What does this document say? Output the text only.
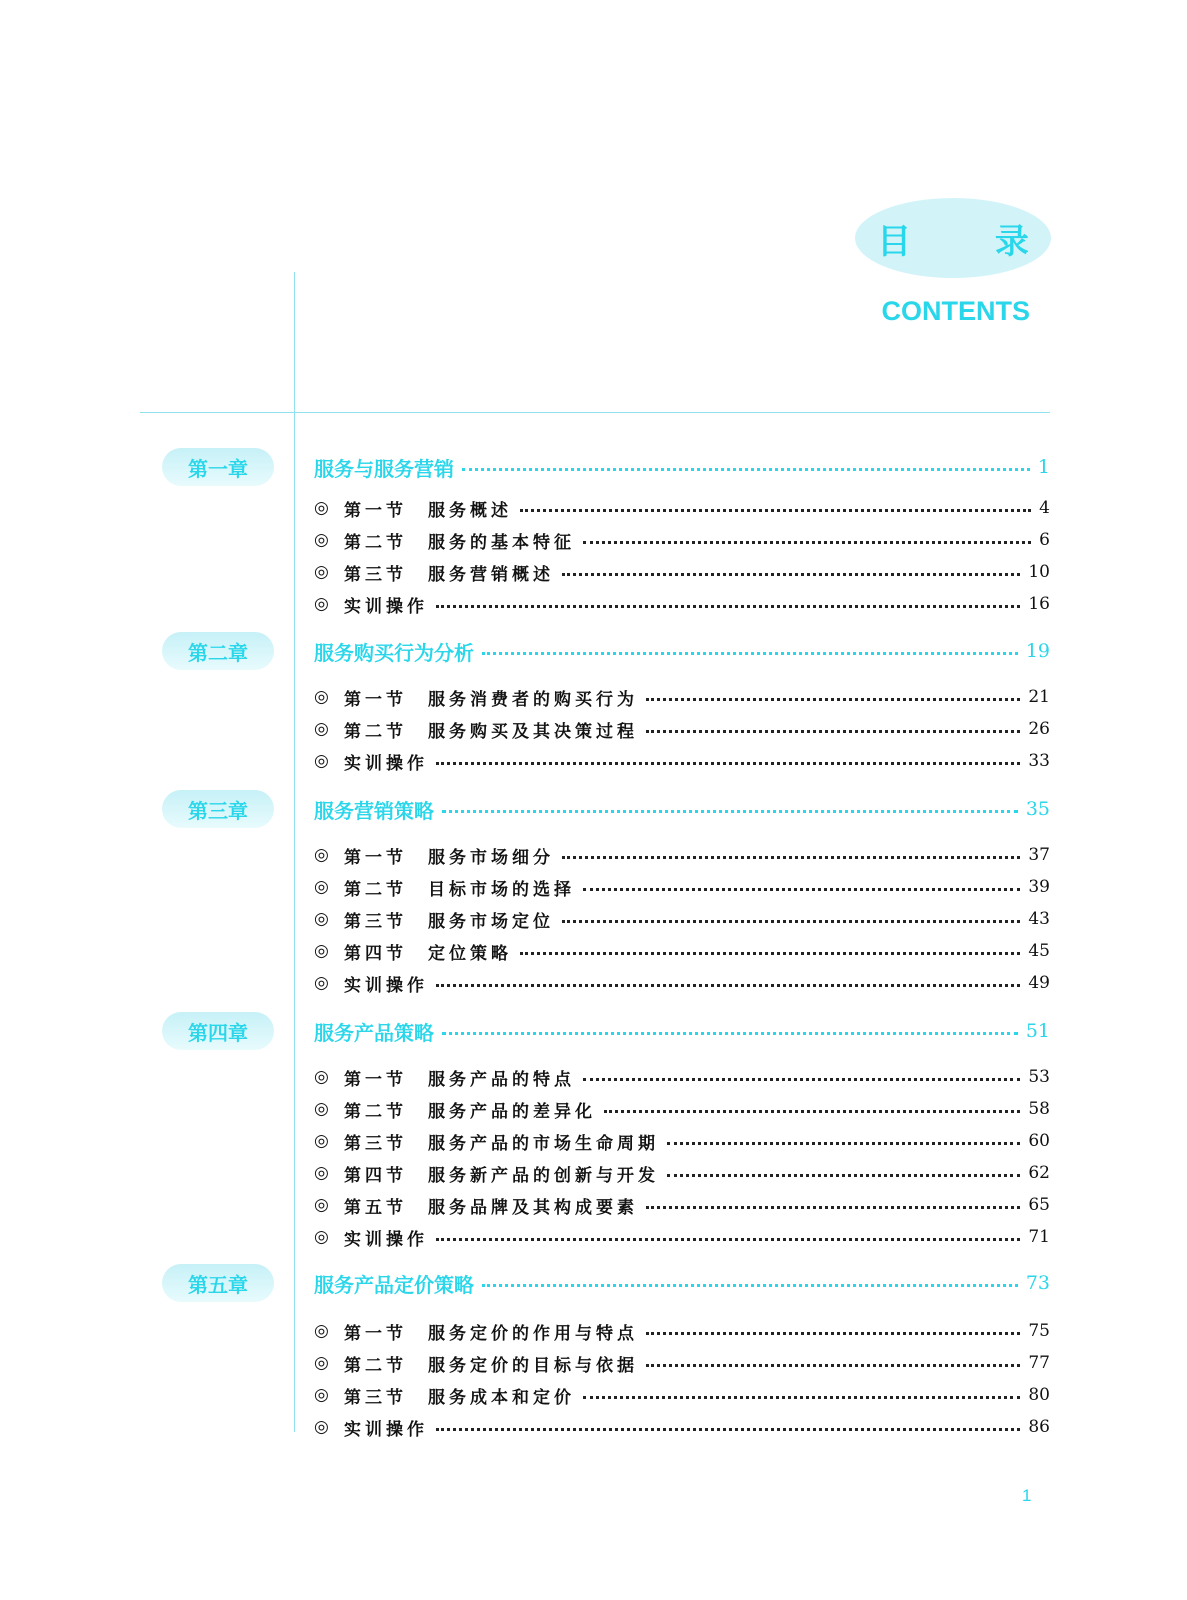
目 录
CONTENTS
第一章	服务与服务营销	1
◎ 第一节	服务概述	4
◎ 第二节	服务的基本特征	6
◎ 第三节	服务营销概述	10
◎ 实训操作	16
第二章	服务购买行为分析	19
◎ 第一节	服务消费者的购买行为	21
◎ 第二节	服务购买及其决策过程	26
◎ 实训操作	33
第三章	服务营销策略	35
◎ 第一节	服务市场细分	37
◎ 第二节	目标市场的选择	39
◎ 第三节	服务市场定位	43
◎ 第四节	定位策略	45
◎ 实训操作	49
第四章	服务产品策略	51
◎ 第一节	服务产品的特点	53
◎ 第二节	服务产品的差异化	58
◎ 第三节	服务产品的市场生命周期	60
◎ 第四节	服务新产品的创新与开发	62
◎ 第五节	服务品牌及其构成要素	65
◎ 实训操作	71
第五章	服务产品定价策略	73
◎ 第一节	服务定价的作用与特点	75
◎ 第二节	服务定价的目标与依据	77
◎ 第三节	服务成本和定价	80
◎ 实训操作	86
1
